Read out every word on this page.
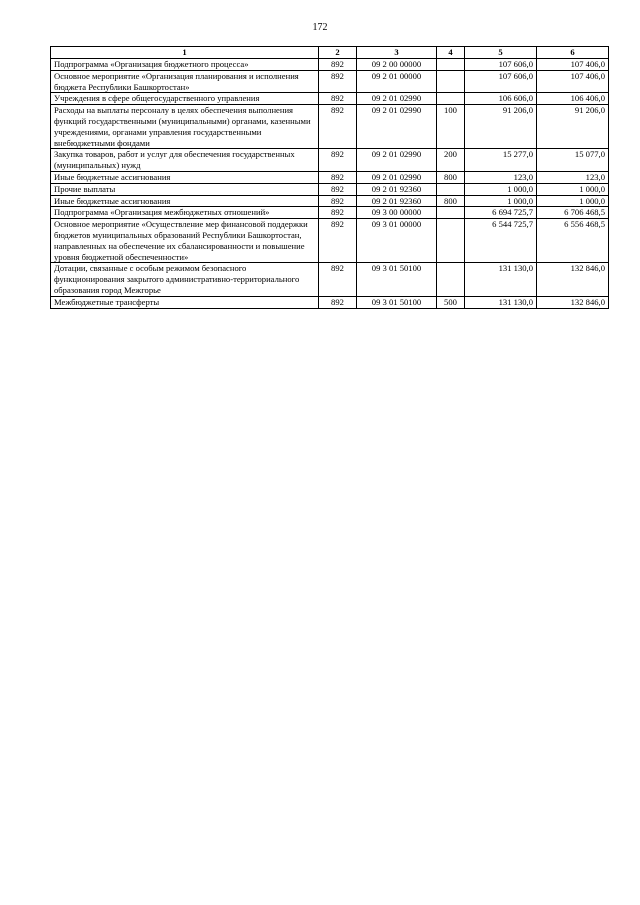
172
1	2	3	4	5	6
Подпрограмма «Организация бюджетного процесса»	892	09 2 00 00000		107 606,0	107 406,0
Основное мероприятие «Организация планирования и исполнения бюджета Республики Башкортостан»	892	09 2 01 00000		107 606,0	107 406,0
Учреждения в сфере общегосударственного управления	892	09 2 01 02990		106 606,0	106 406,0
Расходы на выплаты персоналу в целях обеспечения выполнения функций государственными (муниципальными) органами, казенными учреждениями, органами управления государственными внебюджетными фондами	892	09 2 01 02990	100	91 206,0	91 206,0
Закупка товаров, работ и услуг для обеспечения государственных (муниципальных) нужд	892	09 2 01 02990	200	15 277,0	15 077,0
Иные бюджетные ассигнования	892	09 2 01 02990	800	123,0	123,0
Прочие выплаты	892	09 2 01 92360		1 000,0	1 000,0
Иные бюджетные ассигнования	892	09 2 01 92360	800	1 000,0	1 000,0
Подпрограмма «Организация межбюджетных отношений»	892	09 3 00 00000		6 694 725,7	6 706 468,5
Основное мероприятие «Осуществление мер финансовой поддержки бюджетов муниципальных образований Республики Башкортостан, направленных на обеспечение их сбалансированности и повышение уровня бюджетной обеспеченности»	892	09 3 01 00000		6 544 725,7	6 556 468,5
Дотации, связанные с особым режимом безопасного функционирования закрытого административно-территориального образования город Межгорье	892	09 3 01 50100		131 130,0	132 846,0
Межбюджетные трансферты	892	09 3 01 50100	500	131 130,0	132 846,0
